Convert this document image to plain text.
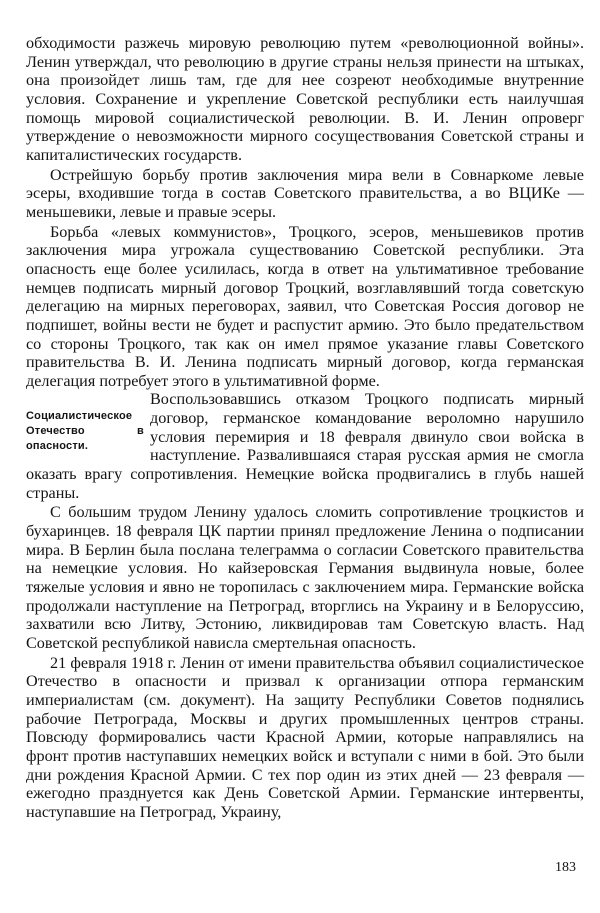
обходимости разжечь мировую революцию путем «революционной войны». Ленин утверждал, что революцию в другие страны нельзя принести на штыках, она произойдет лишь там, где для нее созреют необходимые внутренние условия. Сохранение и укрепление Советской республики есть наилучшая помощь мировой социалистической революции. В. И. Ленин опроверг утверждение о невозможности мирного сосуществования Советской страны и капиталистических государств.

Острейшую борьбу против заключения мира вели в Совнаркоме левые эсеры, входившие тогда в состав Советского правительства, а во ВЦИКе — меньшевики, левые и правые эсеры.

Борьба «левых коммунистов», Троцкого, эсеров, меньшевиков против заключения мира угрожала существованию Советской республики. Эта опасность еще более усилилась, когда в ответ на ультимативное требование немцев подписать мирный договор Троцкий, возглавлявший тогда советскую делегацию на мирных переговорах, заявил, что Советская Россия договор не подпишет, войны вести не будет и распустит армию. Это было предательством со стороны Троцкого, так как он имел прямое указание главы Советского правительства В. И. Ленина подписать мирный договор, когда германская делегация потребует этого в ультимативной форме.

Социалистическое Отечество в опасности.

Воспользовавшись отказом Троцкого подписать мирный договор, германское командование вероломно нарушило условия перемирия и 18 февраля двинуло свои войска в наступление. Развалившаяся старая русская армия не смогла оказать врагу сопротивления. Немецкие войска продвигались в глубь нашей страны.

С большим трудом Ленину удалось сломить сопротивление троцкистов и бухаринцев. 18 февраля ЦК партии принял предложение Ленина о подписании мира. В Берлин была послана телеграмма о согласии Советского правительства на немецкие условия. Но кайзеровская Германия выдвинула новые, более тяжелые условия и явно не торопилась с заключением мира. Германские войска продолжали наступление на Петроград, вторглись на Украину и в Белоруссию, захватили всю Литву, Эстонию, ликвидировав там Советскую власть. Над Советской республикой нависла смертельная опасность.

21 февраля 1918 г. Ленин от имени правительства объявил социалистическое Отечество в опасности и призвал к организации отпора германским империалистам (см. документ). На защиту Республики Советов поднялись рабочие Петрограда, Москвы и других промышленных центров страны. Повсюду формировались части Красной Армии, которые направлялись на фронт против наступавших немецких войск и вступали с ними в бой. Это были дни рождения Красной Армии. С тех пор один из этих дней — 23 февраля — ежегодно празднуется как День Советской Армии. Германские интервенты, наступавшие на Петроград, Украину,

183
